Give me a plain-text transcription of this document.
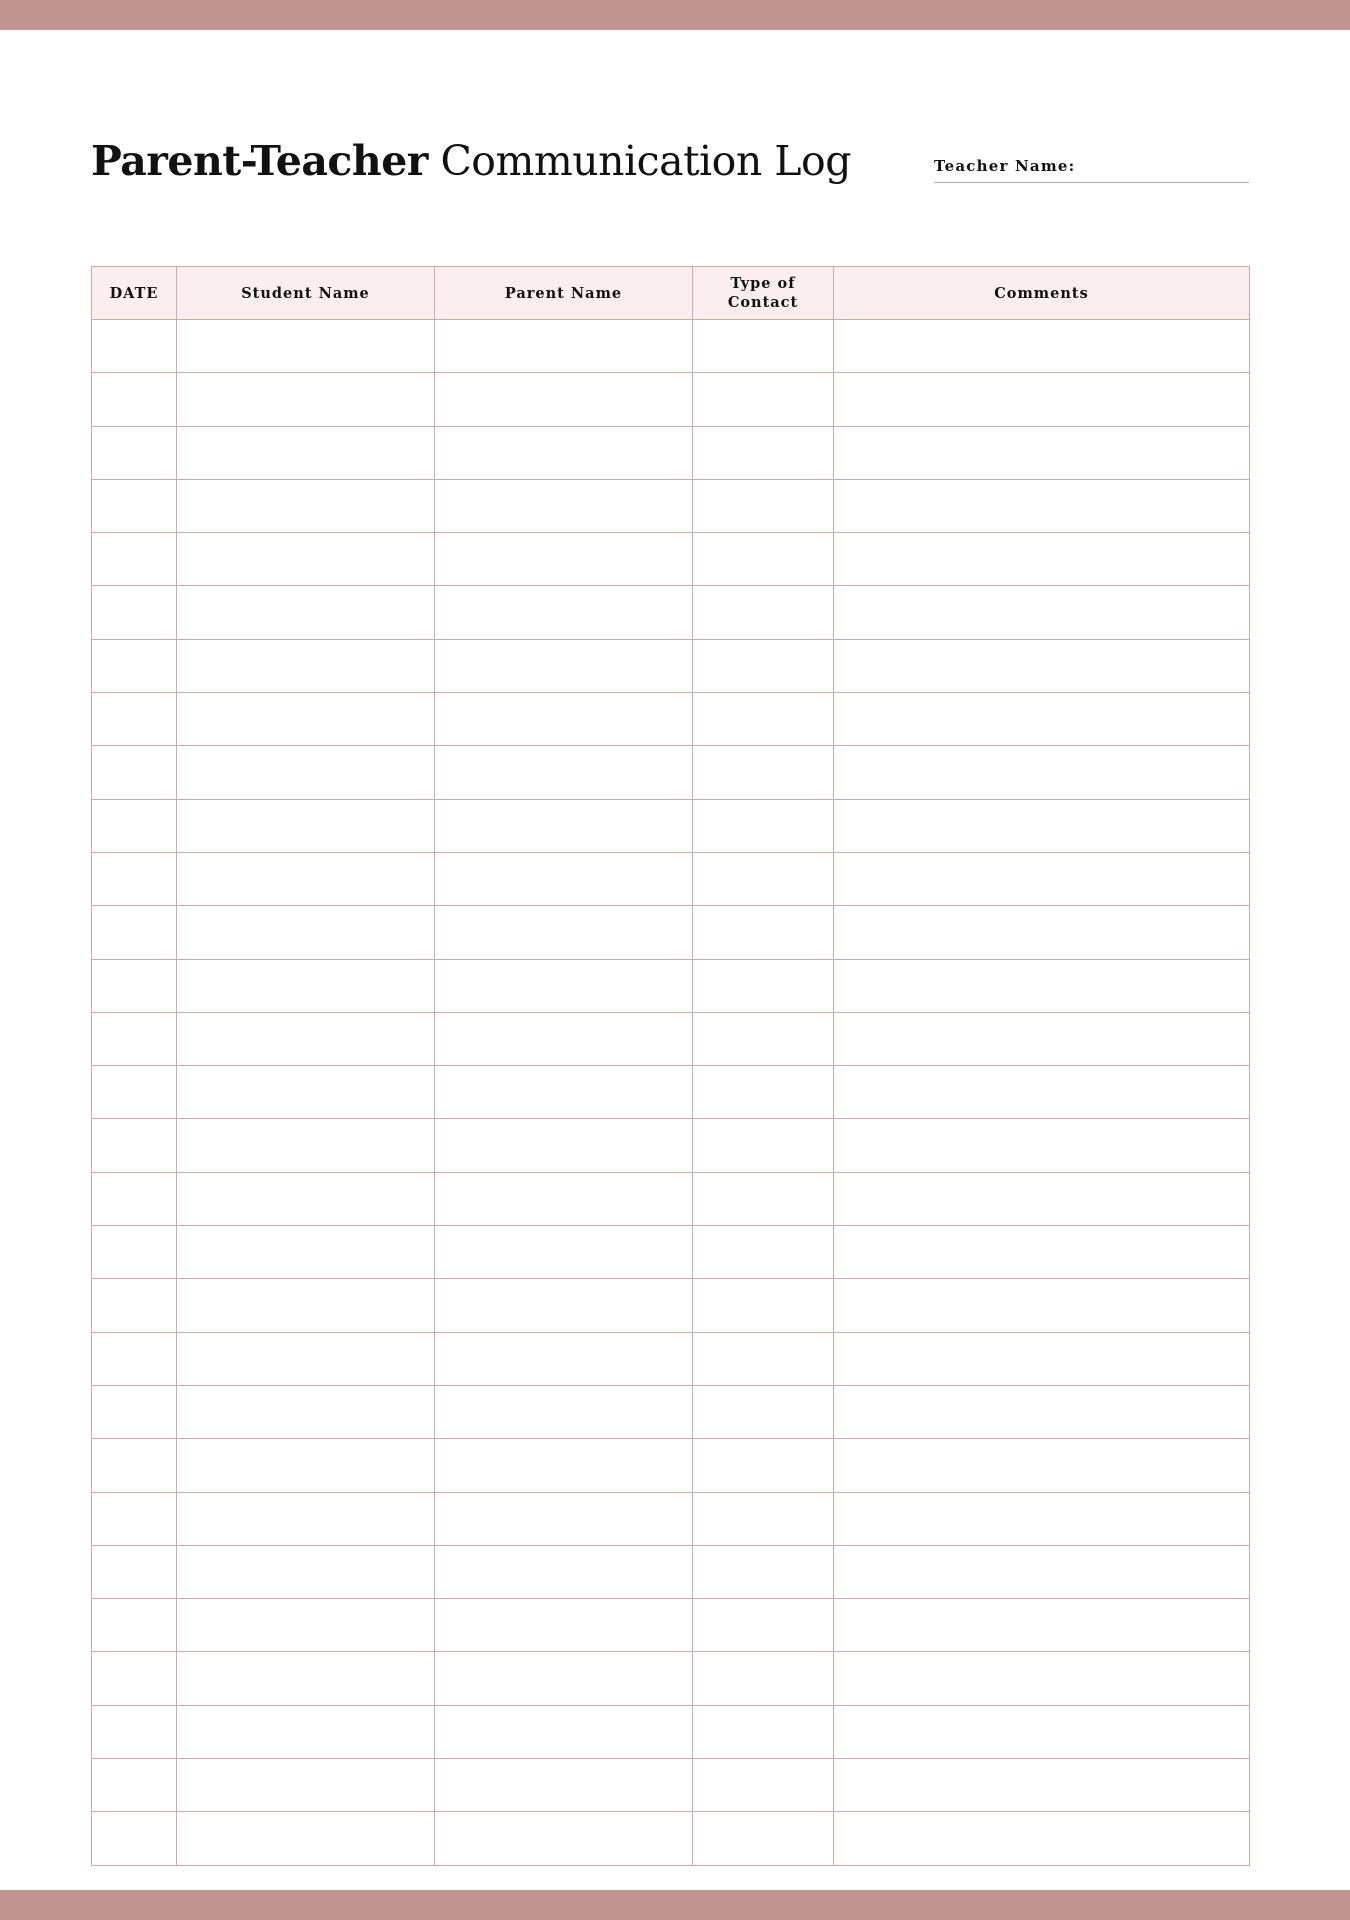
Parent-Teacher Communication Log	Teacher Name:
DATE	Student Name	Parent Name	Type of Contact	Comments
